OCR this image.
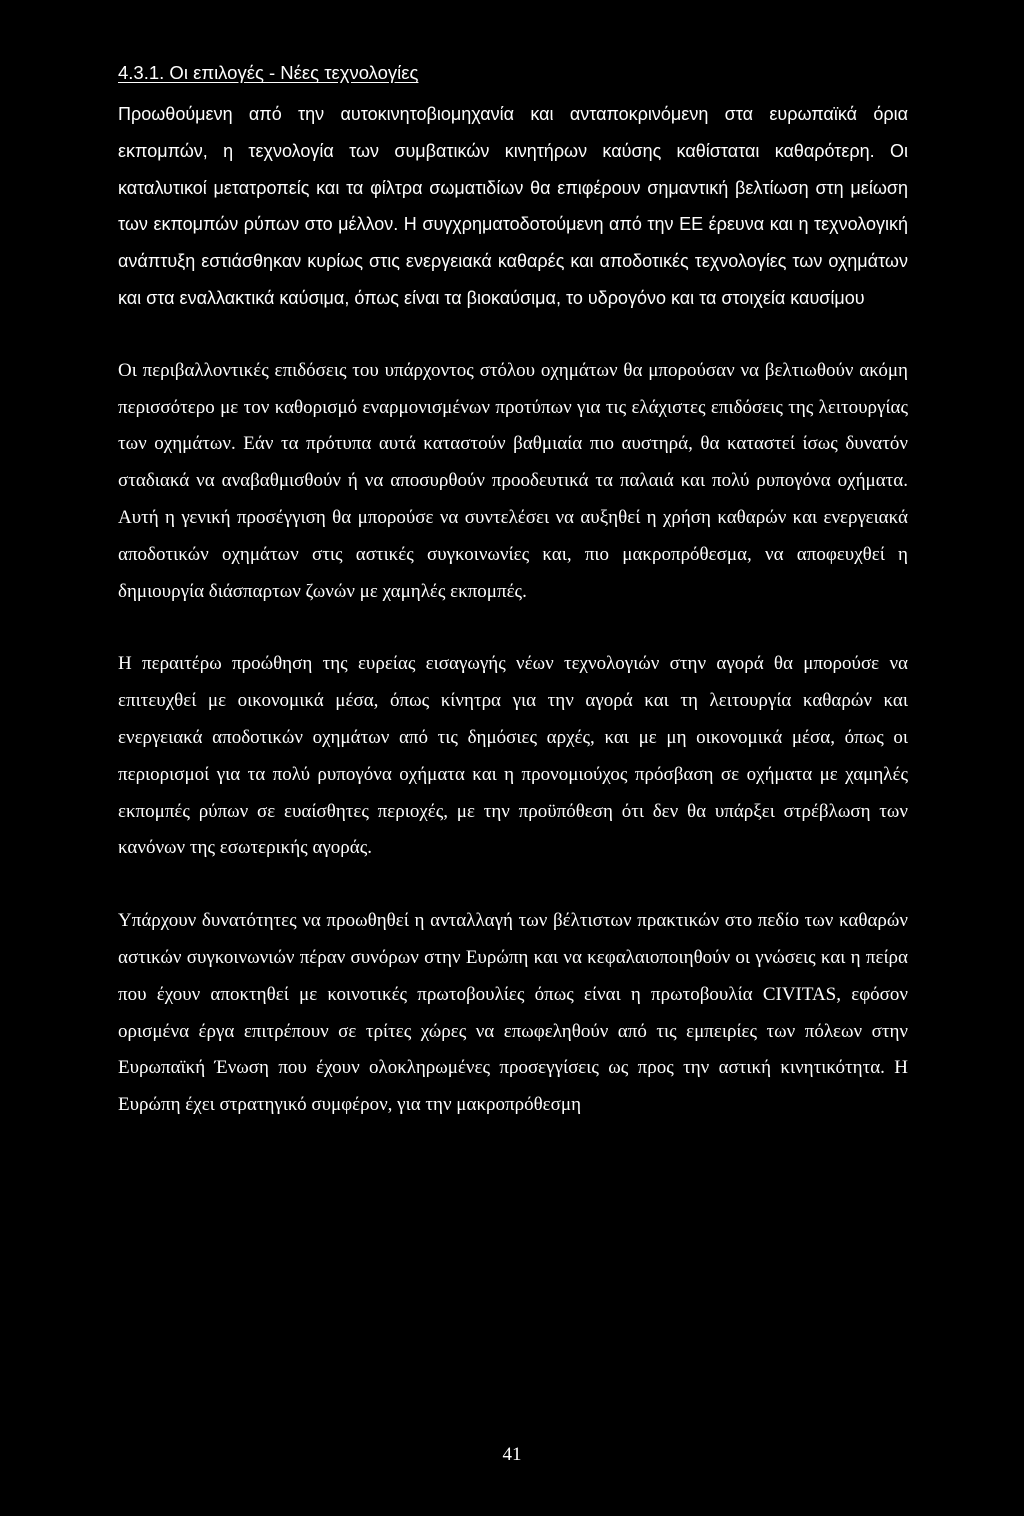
4.3.1. Οι επιλογές - Νέες τεχνολογίες

Προωθούμενη από την αυτοκινητοβιομηχανία και ανταποκρινόμενη στα ευρωπαϊκά όρια εκπομπών, η τεχνολογία των συμβατικών κινητήρων καύσης καθίσταται καθαρότερη. Οι καταλυτικοί μετατροπείς και τα φίλτρα σωματιδίων θα επιφέρουν σημαντική βελτίωση στη μείωση των εκπομπών ρύπων στο μέλλον. Η συγχρηματοδοτούμενη από την ΕΕ έρευνα και η τεχνολογική ανάπτυξη εστιάσθηκαν κυρίως στις ενεργειακά καθαρές και αποδοτικές τεχνολογίες των οχημάτων και στα εναλλακτικά καύσιμα, όπως είναι τα βιοκαύσιμα, το υδρογόνο και τα στοιχεία καυσίμου

Οι περιβαλλοντικές επιδόσεις του υπάρχοντος στόλου οχημάτων θα μπορούσαν να βελτιωθούν ακόμη περισσότερο με τον καθορισμό εναρμονισμένων προτύπων για τις ελάχιστες επιδόσεις της λειτουργίας των οχημάτων. Εάν τα πρότυπα αυτά καταστούν βαθμιαία πιο αυστηρά, θα καταστεί ίσως δυνατόν σταδιακά να αναβαθμισθούν ή να αποσυρθούν προοδευτικά τα παλαιά και πολύ ρυπογόνα οχήματα. Αυτή η γενική προσέγγιση θα μπορούσε να συντελέσει να αυξηθεί η χρήση καθαρών και ενεργειακά αποδοτικών οχημάτων στις αστικές συγκοινωνίες και, πιο μακροπρόθεσμα, να αποφευχθεί η δημιουργία διάσπαρτων ζωνών με χαμηλές εκπομπές.

Η περαιτέρω προώθηση της ευρείας εισαγωγής νέων τεχνολογιών στην αγορά θα μπορούσε να επιτευχθεί με οικονομικά μέσα, όπως κίνητρα για την αγορά και τη λειτουργία καθαρών και ενεργειακά αποδοτικών οχημάτων από τις δημόσιες αρχές, και με μη οικονομικά μέσα, όπως οι περιορισμοί για τα πολύ ρυπογόνα οχήματα και η προνομιούχος πρόσβαση σε οχήματα με χαμηλές εκπομπές ρύπων σε ευαίσθητες περιοχές, με την προϋπόθεση ότι δεν θα υπάρξει στρέβλωση των κανόνων της εσωτερικής αγοράς.

Υπάρχουν δυνατότητες να προωθηθεί η ανταλλαγή των βέλτιστων πρακτικών στο πεδίο των καθαρών αστικών συγκοινωνιών πέραν συνόρων στην Ευρώπη και να κεφαλαιοποιηθούν οι γνώσεις και η πείρα που έχουν αποκτηθεί με κοινοτικές πρωτοβουλίες όπως είναι η πρωτοβουλία CIVITAS, εφόσον ορισμένα έργα επιτρέπουν σε τρίτες χώρες να επωφεληθούν από τις εμπειρίες των πόλεων στην Ευρωπαϊκή Ένωση που έχουν ολοκληρωμένες προσεγγίσεις ως προς την αστική κινητικότητα. Η Ευρώπη έχει στρατηγικό συμφέρον, για την μακροπρόθεσμη

41
